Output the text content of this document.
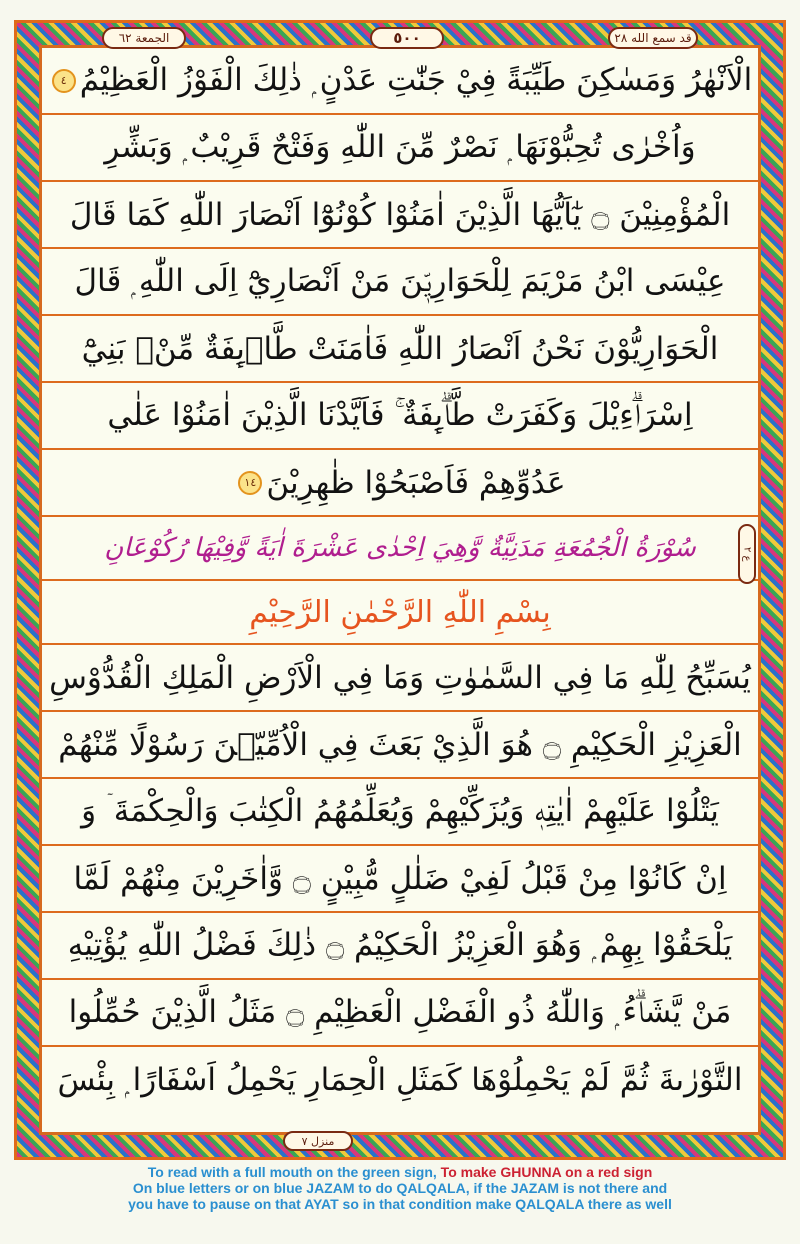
الجمعة ٦٢	٥٠٠	قد سمع الله ٢٨
الْاَنْهٰرُ وَمَسٰكِنَ طَيِّبَةً فِيْ جَنّٰتِ عَدْنٍ ۭ ذٰلِكَ الْفَوْزُ الْعَظِيْمُ
٤
وَاُخْرٰى تُحِبُّوْنَهَا ۭ نَصْرٌ مِّنَ اللّٰهِ وَفَتْحٌ قَرِيْبٌ ۭ وَبَشِّرِ
الْمُؤْمِنِيْنَ ۝ يٰٓاَيُّهَا الَّذِيْنَ اٰمَنُوْا كُوْنُوْٓا اَنْصَارَ اللّٰهِ كَمَا قَالَ
عِيْسَى ابْنُ مَرْيَمَ لِلْحَوَارِيّٖنَ مَنْ اَنْصَارِيْٓ اِلَى اللّٰهِ ۭ قَالَ
الْحَوَارِيُّوْنَ نَحْنُ اَنْصَارُ اللّٰهِ فَاٰمَنَتْ طَّاۗىِٕفَةٌ مِّنْۢ بَنِيْٓ
اِسْرَاۗءِيْلَ وَكَفَرَتْ طَّاۗىِٕفَةٌ ۚ فَاَيَّدْنَا الَّذِيْنَ اٰمَنُوْا عَلٰي
عَدُوِّهِمْ فَاَصْبَحُوْا ظٰهِرِيْنَ
١٤
سُوْرَةُ الْجُمُعَةِ مَدَنِيَّةٌ وَّهِيَ اِحْدٰى عَشْرَةَ اٰيَةً وَّفِيْهَا رُكُوْعَانِ
بِسْمِ اللّٰهِ الرَّحْمٰنِ الرَّحِيْمِ
يُسَبِّحُ لِلّٰهِ مَا فِي السَّمٰوٰتِ وَمَا فِي الْاَرْضِ الْمَلِكِ الْقُدُّوْسِ
الْعَزِيْزِ الْحَكِيْمِ ۝ هُوَ الَّذِيْ بَعَثَ فِي الْاُمِّيّٖنَ رَسُوْلًا مِّنْهُمْ
يَتْلُوْا عَلَيْهِمْ اٰيٰتِهٖ وَيُزَكِّيْهِمْ وَيُعَلِّمُهُمُ الْكِتٰبَ وَالْحِكْمَةَ ۤ وَ
اِنْ كَانُوْا مِنْ قَبْلُ لَفِيْ ضَلٰلٍ مُّبِيْنٍ ۝ وَّاٰخَرِيْنَ مِنْهُمْ لَمَّا
يَلْحَقُوْا بِهِمْ ۭ وَهُوَ الْعَزِيْزُ الْحَكِيْمُ ۝ ذٰلِكَ فَضْلُ اللّٰهِ يُؤْتِيْهِ
مَنْ يَّشَاۗءُ ۭ وَاللّٰهُ ذُو الْفَضْلِ الْعَظِيْمِ ۝ مَثَلُ الَّذِيْنَ حُمِّلُوا
التَّوْرٰىةَ ثُمَّ لَمْ يَحْمِلُوْهَا كَمَثَلِ الْحِمَارِ يَحْمِلُ اَسْفَارًا ۭ بِئْسَ
ع ٢
منزل ٧
To read with a full mouth on the green sign, To make GHUNNA on a red sign
On blue letters or on blue JAZAM to do QALQALA, if the JAZAM is not there and
you have to pause on that AYAT so in that condition make QALQALA there as well
